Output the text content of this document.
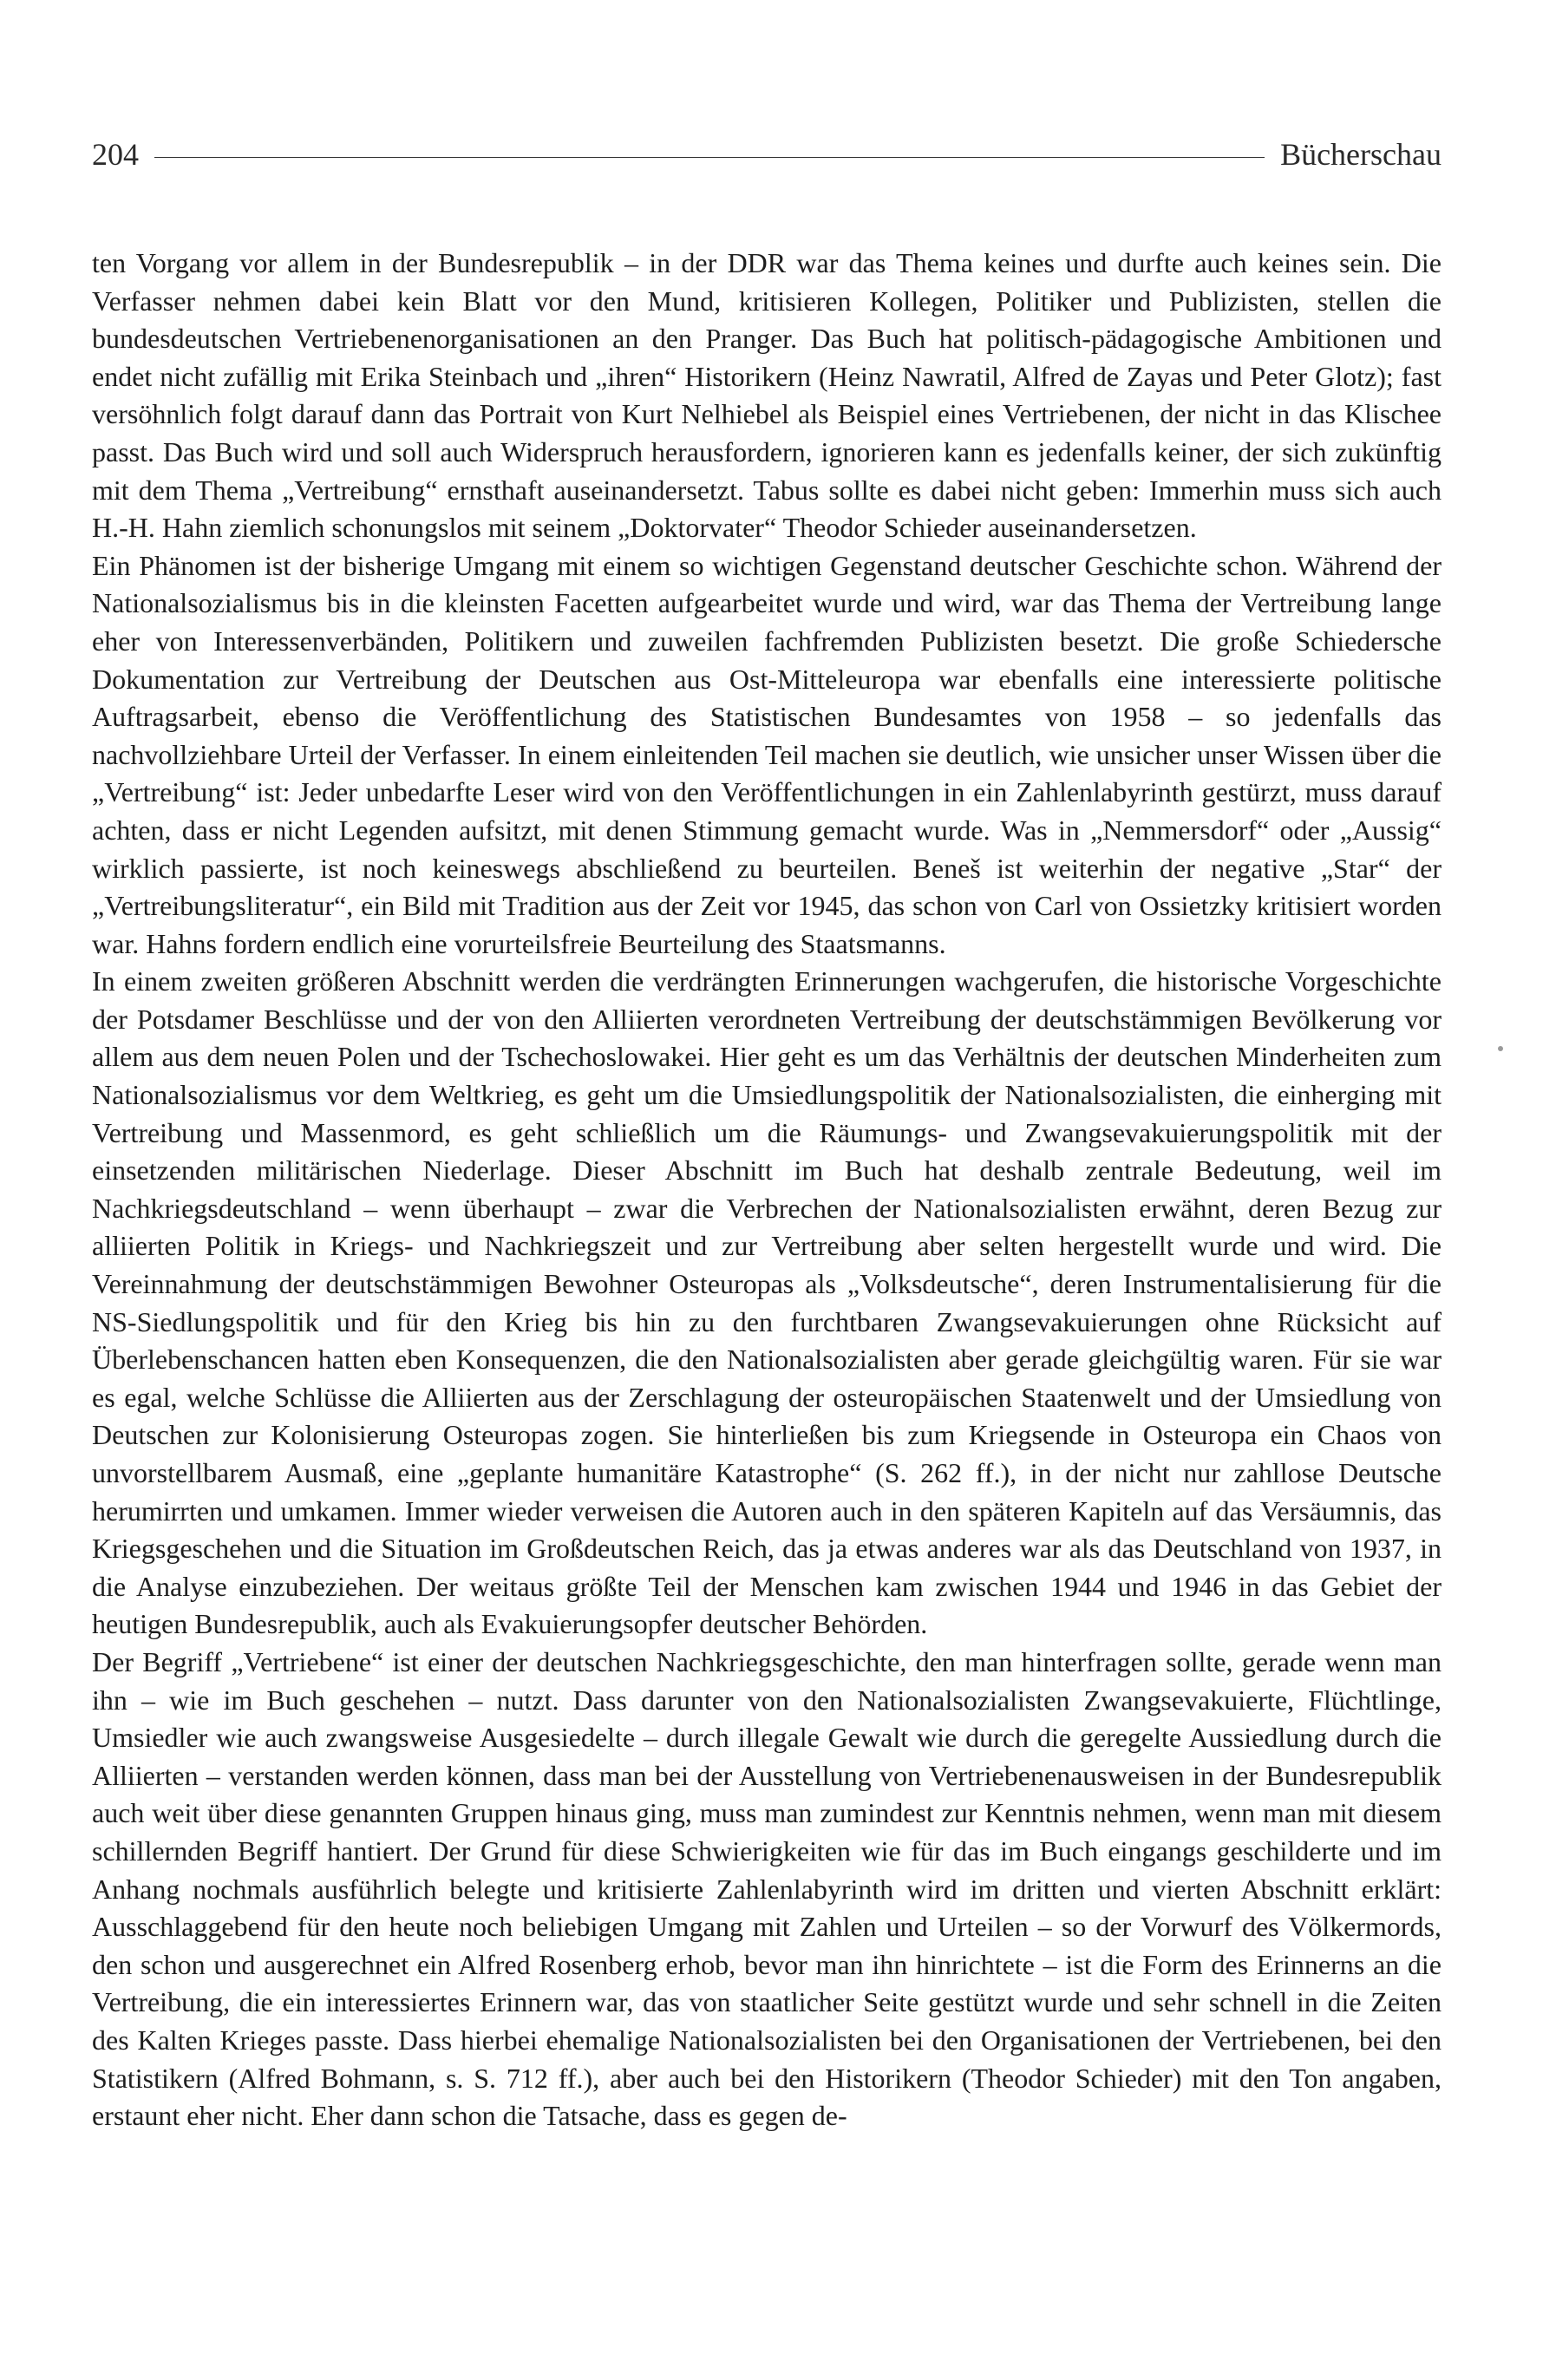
204	Bücherschau

ten Vorgang vor allem in der Bundesrepublik – in der DDR war das Thema keines und durfte auch keines sein. Die Verfasser nehmen dabei kein Blatt vor den Mund, kritisieren Kollegen, Politiker und Publizisten, stellen die bundesdeutschen Vertriebenenorganisationen an den Pranger. Das Buch hat politisch-pädagogische Ambitionen und endet nicht zufällig mit Erika Steinbach und „ihren“ Historikern (Heinz Nawratil, Alfred de Zayas und Peter Glotz); fast versöhnlich folgt darauf dann das Portrait von Kurt Nelhiebel als Beispiel eines Vertriebenen, der nicht in das Klischee passt. Das Buch wird und soll auch Widerspruch herausfordern, ignorieren kann es jedenfalls keiner, der sich zukünftig mit dem Thema „Vertreibung“ ernsthaft auseinandersetzt. Tabus sollte es dabei nicht geben: Immerhin muss sich auch H.-H. Hahn ziemlich schonungslos mit seinem „Doktorvater“ Theodor Schieder auseinandersetzen.

Ein Phänomen ist der bisherige Umgang mit einem so wichtigen Gegenstand deutscher Geschichte schon. Während der Nationalsozialismus bis in die kleinsten Facetten aufgearbeitet wurde und wird, war das Thema der Vertreibung lange eher von Interessenverbänden, Politikern und zuweilen fachfremden Publizisten besetzt. Die große Schiedersche Dokumentation zur Vertreibung der Deutschen aus Ost-Mitteleuropa war ebenfalls eine interessierte politische Auftragsarbeit, ebenso die Veröffentlichung des Statistischen Bundesamtes von 1958 – so jedenfalls das nachvollziehbare Urteil der Verfasser. In einem einleitenden Teil machen sie deutlich, wie unsicher unser Wissen über die „Vertreibung“ ist: Jeder unbedarfte Leser wird von den Veröffentlichungen in ein Zahlenlabyrinth gestürzt, muss darauf achten, dass er nicht Legenden aufsitzt, mit denen Stimmung gemacht wurde. Was in „Nemmersdorf“ oder „Aussig“ wirklich passierte, ist noch keineswegs abschließend zu beurteilen. Beneš ist weiterhin der negative „Star“ der „Vertreibungsliteratur“, ein Bild mit Tradition aus der Zeit vor 1945, das schon von Carl von Ossietzky kritisiert worden war. Hahns fordern endlich eine vorurteilsfreie Beurteilung des Staatsmanns.

In einem zweiten größeren Abschnitt werden die verdrängten Erinnerungen wachgerufen, die historische Vorgeschichte der Potsdamer Beschlüsse und der von den Alliierten verordneten Vertreibung der deutschstämmigen Bevölkerung vor allem aus dem neuen Polen und der Tschechoslowakei. Hier geht es um das Verhältnis der deutschen Minderheiten zum Nationalsozialismus vor dem Weltkrieg, es geht um die Umsiedlungspolitik der Nationalsozialisten, die einherging mit Vertreibung und Massenmord, es geht schließlich um die Räumungs- und Zwangsevakuierungspolitik mit der einsetzenden militärischen Niederlage. Dieser Abschnitt im Buch hat deshalb zentrale Bedeutung, weil im Nachkriegsdeutschland – wenn überhaupt – zwar die Verbrechen der Nationalsozialisten erwähnt, deren Bezug zur alliierten Politik in Kriegs- und Nachkriegszeit und zur Vertreibung aber selten hergestellt wurde und wird. Die Vereinnahmung der deutschstämmigen Bewohner Osteuropas als „Volksdeutsche“, deren Instrumentalisierung für die NS-Siedlungspolitik und für den Krieg bis hin zu den furchtbaren Zwangsevakuierungen ohne Rücksicht auf Überlebenschancen hatten eben Konsequenzen, die den Nationalsozialisten aber gerade gleichgültig waren. Für sie war es egal, welche Schlüsse die Alliierten aus der Zerschlagung der osteuropäischen Staatenwelt und der Umsiedlung von Deutschen zur Kolonisierung Osteuropas zogen. Sie hinterließen bis zum Kriegsende in Osteuropa ein Chaos von unvorstellbarem Ausmaß, eine „geplante humanitäre Katastrophe“ (S. 262 ff.), in der nicht nur zahllose Deutsche herumirrten und umkamen. Immer wieder verweisen die Autoren auch in den späteren Kapiteln auf das Versäumnis, das Kriegsgeschehen und die Situation im Großdeutschen Reich, das ja etwas anderes war als das Deutschland von 1937, in die Analyse einzubeziehen. Der weitaus größte Teil der Menschen kam zwischen 1944 und 1946 in das Gebiet der heutigen Bundesrepublik, auch als Evakuierungsopfer deutscher Behörden.

Der Begriff „Vertriebene“ ist einer der deutschen Nachkriegsgeschichte, den man hinterfragen sollte, gerade wenn man ihn – wie im Buch geschehen – nutzt. Dass darunter von den Nationalsozialisten Zwangsevakuierte, Flüchtlinge, Umsiedler wie auch zwangsweise Ausgesiedelte – durch illegale Gewalt wie durch die geregelte Aussiedlung durch die Alliierten – verstanden werden können, dass man bei der Ausstellung von Vertriebenenausweisen in der Bundesrepublik auch weit über diese genannten Gruppen hinaus ging, muss man zumindest zur Kenntnis nehmen, wenn man mit diesem schillernden Begriff hantiert. Der Grund für diese Schwierigkeiten wie für das im Buch eingangs geschilderte und im Anhang nochmals ausführlich belegte und kritisierte Zahlenlabyrinth wird im dritten und vierten Abschnitt erklärt: Ausschlaggebend für den heute noch beliebigen Umgang mit Zahlen und Urteilen – so der Vorwurf des Völkermords, den schon und ausgerechnet ein Alfred Rosenberg erhob, bevor man ihn hinrichtete – ist die Form des Erinnerns an die Vertreibung, die ein interessiertes Erinnern war, das von staatlicher Seite gestützt wurde und sehr schnell in die Zeiten des Kalten Krieges passte. Dass hierbei ehemalige Nationalsozialisten bei den Organisationen der Vertriebenen, bei den Statistikern (Alfred Bohmann, s. S. 712 ff.), aber auch bei den Historikern (Theodor Schieder) mit den Ton angaben, erstaunt eher nicht. Eher dann schon die Tatsache, dass es gegen de-
